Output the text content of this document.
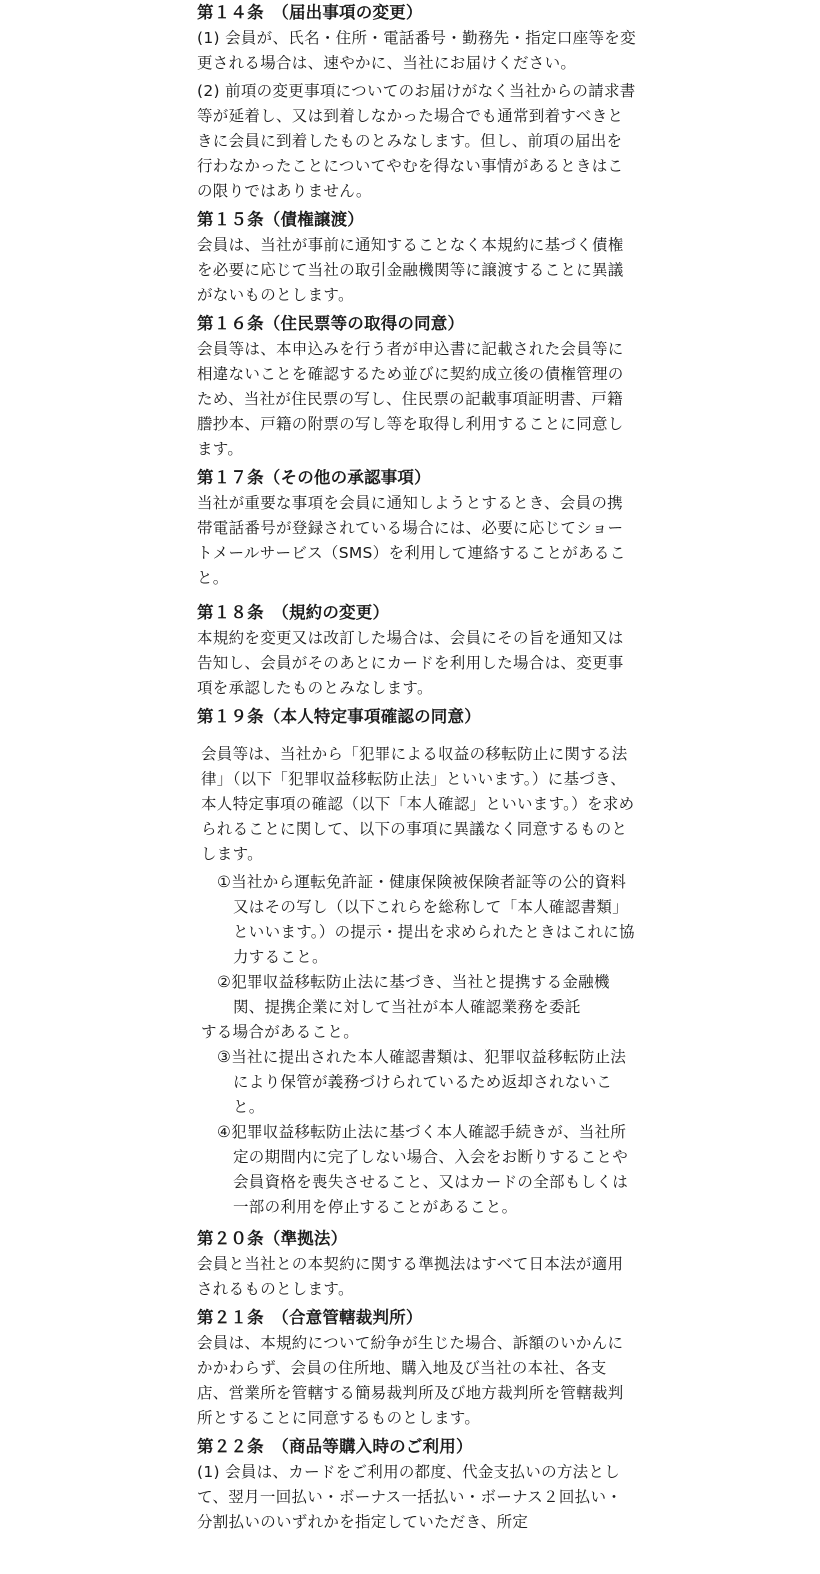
第１４条　（届出事項の変更）

(1) 会員が、氏名・住所・電話番号・勤務先・指定口座等を変更される場合は、速やかに、当社にお届けください。

(2) 前項の変更事項についてのお届けがなく当社からの請求書等が延着し、又は到着しなかった場合でも通常到着すべきときに会員に到着したものとみなします。但し、前項の届出を行わなかったことについてやむを得ない事情があるときはこの限りではありません。

第１５条（債権譲渡）

会員は、当社が事前に通知することなく本規約に基づく債権を必要に応じて当社の取引金融機関等に譲渡することに異議がないものとします。

第１６条（住民票等の取得の同意）

会員等は、本申込みを行う者が申込書に記載された会員等に相違ないことを確認するため並びに契約成立後の債権管理のため、当社が住民票の写し、住民票の記載事項証明書、戸籍謄抄本、戸籍の附票の写し等を取得し利用することに同意します。

第１７条（その他の承認事項）

当社が重要な事項を会員に通知しようとするとき、会員の携帯電話番号が登録されている場合には、必要に応じてショートメールサービス（SMS）を利用して連絡することがあること。

第１８条　（規約の変更）

本規約を変更又は改訂した場合は、会員にその旨を通知又は告知し、会員がそのあとにカードを利用した場合は、変更事項を承認したものとみなします。

第１９条（本人特定事項確認の同意）

会員等は、当社から「犯罪による収益の移転防止に関する法律」（以下「犯罪収益移転防止法」といいます。）に基づき、本人特定事項の確認（以下「本人確認」といいます。）を求められることに関して、以下の事項に異議なく同意するものとします。

①当社から運転免許証・健康保険被保険者証等の公的資料又はその写し（以下これらを総称して「本人確認書類」といいます。）の提示・提出を求められたときはこれに協力すること。

②犯罪収益移転防止法に基づき、当社と提携する金融機関、提携企業に対して当社が本人確認業務を委託

する場合があること。

③当社に提出された本人確認書類は、犯罪収益移転防止法により保管が義務づけられているため返却されないこと。

④犯罪収益移転防止法に基づく本人確認手続きが、当社所定の期間内に完了しない場合、入会をお断りすることや会員資格を喪失させること、又はカードの全部もしくは一部の利用を停止することがあること。

第２０条（準拠法）

会員と当社との本契約に関する準拠法はすべて日本法が適用されるものとします。

第２１条　（合意管轄裁判所）

会員は、本規約について紛争が生じた場合、訴額のいかんにかかわらず、会員の住所地、購入地及び当社の本社、各支店、営業所を管轄する簡易裁判所及び地方裁判所を管轄裁判所とすることに同意するものとします。

第２２条　（商品等購入時のご利用）

(1) 会員は、カードをご利用の都度、代金支払いの方法として、翌月一回払い・ボーナス一括払い・ボーナス２回払い・分割払いのいずれかを指定していただき、所定
